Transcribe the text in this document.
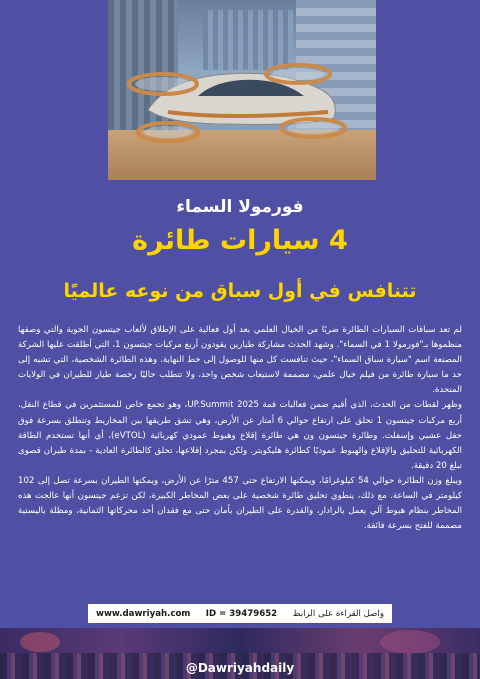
فورمولا السماء
4 سيارات طائرة
تتنافس في أول سباق من نوعه عالميًا

لم تعد سباقات السيارات الطائرة ضربًا من الخيال العلمي بعد أول فعالية على الإطلاق لألعاب جيتسون الجوية والتي وصفها منظموها بـ"فورمولا 1 في السماء". وشهد الحدث مشاركة طيارين يقودون أربع مركبات جيتسون 1، التي أطلقت عليها الشركة المصنعة اسم "سيارة سباق السماء"، حيث تنافست كل منها للوصول إلى خط النهاية. وهذه الطائرة الشخصية، التي تشبه إلى حد ما سيارة طائرة من فيلم خيال علمي، مصممة لاستيعاب شخص واحد، ولا تتطلب حاليًا رخصة طيار للطيران في الولايات المتحدة.

وظهر لقطات من الحدث، الذي أقيم ضمن فعاليات قمة UP.Summit 2025، وهو تجمع خاص للمستثمرين في قطاع النقل، أربع مركبات جيتسون 1 تحلق على ارتفاع حوالي 6 أمتار عن الأرض، وهي تشق طريقها بين المخاريط وتنطلق بسرعة فوق حقل عشبي وإسفلت. وطائرة جيتسون ون هي طائرة إقلاع وهبوط عمودي كهربائية (eVTOL)، أي أنها تستخدم الطاقة الكهربائية للتحليق والإقلاع والهبوط عموديًا كطائرة هليكوبتر. ولكن بمجرد إقلاعها، تحلق كالطائرة العادية - بمدة طيران قصوى تبلغ 20 دقيقة.

ويبلغ وزن الطائرة حوالي 54 كيلوغرامًا، ويمكنها الارتفاع حتى 457 مترًا عن الأرض، ويمكنها الطيران بسرعة تصل إلى 102 كيلومتر في الساعة. مع ذلك، ينطوي تحليق طائرة شخصية على بعض المخاطر الكبيرة، لكن تزعم جيتسون أنها عالجت هذه المخاطر بنظام هبوط آلي يعمل بالرادار، والقدرة على الطيران بأمان حتى مع فقدان أحد محركاتها الثمانية، ومظلة باليستية مصممة للفتح بسرعة فائقة.

www.dawriyah.com ID = 39479652 واصل القراءة على الرابط
@Dawriyahdaily
